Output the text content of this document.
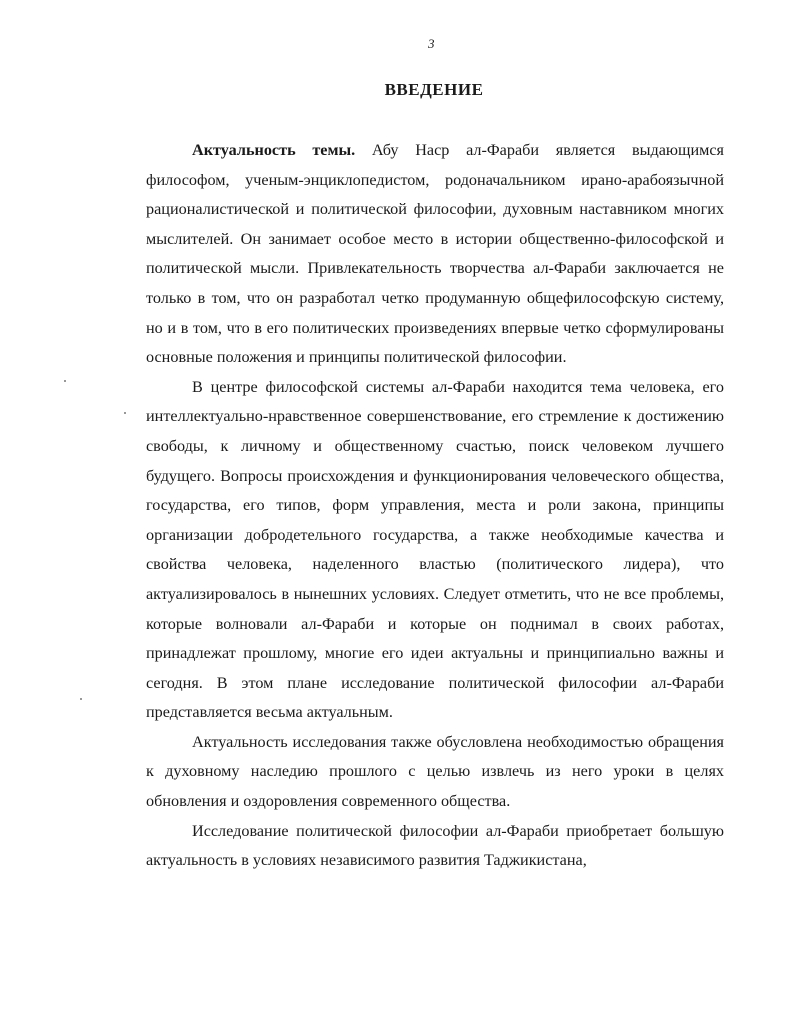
3
ВВЕДЕНИЕ

Актуальность темы. Абу Наср ал-Фараби является выдающимся философом, ученым-энциклопедистом, родоначальником ирано-арабоязычной рационалистической и политической философии, духовным наставником многих мыслителей. Он занимает особое место в истории общественно-философской и политической мысли. Привлекательность творчества ал-Фараби заключается не только в том, что он разработал четко продуманную общефилософскую систему, но и в том, что в его политических произведениях впервые четко сформулированы основные положения и принципы политической философии.

В центре философской системы ал-Фараби находится тема человека, его интеллектуально-нравственное совершенствование, его стремление к достижению свободы, к личному и общественному счастью, поиск человеком лучшего будущего. Вопросы происхождения и функционирования человеческого общества, государства, его типов, форм управления, места и роли закона, принципы организации добродетельного государства, а также необходимые качества и свойства человека, наделенного властью (политического лидера), что актуализировалось в нынешних условиях. Следует отметить, что не все проблемы, которые волновали ал-Фараби и которые он поднимал в своих работах, принадлежат прошлому, многие его идеи актуальны и принципиально важны и сегодня. В этом плане исследование политической философии ал-Фараби представляется весьма актуальным.

Актуальность исследования также обусловлена необходимостью обращения к духовному наследию прошлого с целью извлечь из него уроки в целях обновления и оздоровления современного общества.

Исследование политической философии ал-Фараби приобретает большую актуальность в условиях независимого развития Таджикистана,
